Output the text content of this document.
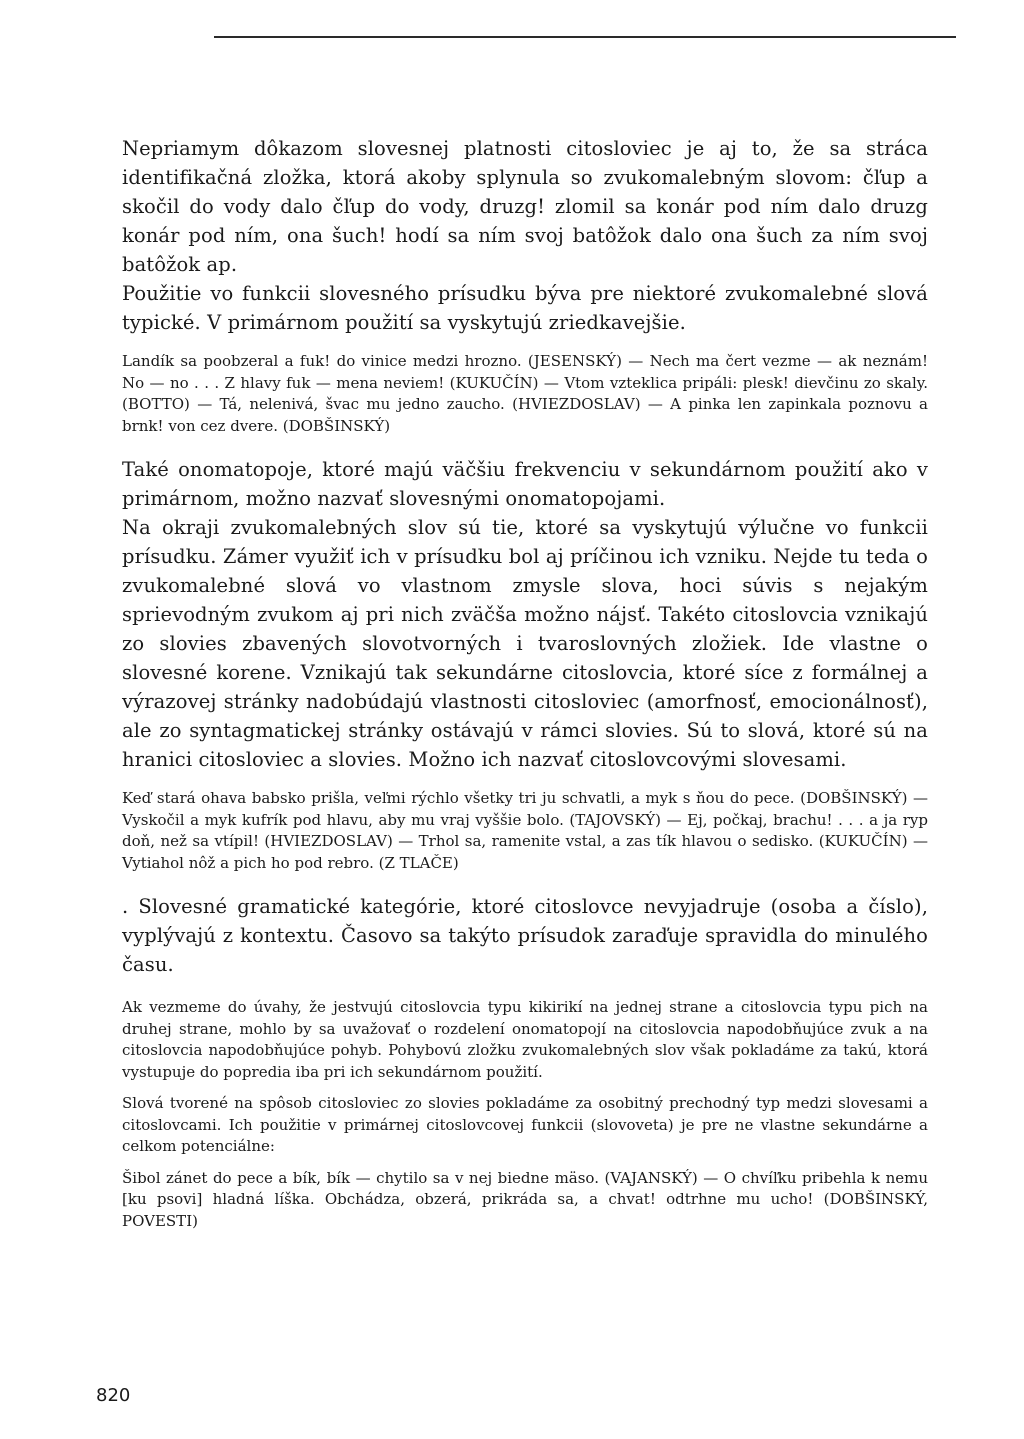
Nepriamym dôkazom slovesnej platnosti citosloviec je aj to, že sa stráca identifikačná zložka, ktorá akoby splynula so zvukomalebným slovom: čľup a skočil do vody dalo čľup do vody, druzg! zlomil sa konár pod ním dalo druzg konár pod ním, ona šuch! hodí sa ním svoj batôžok dalo ona šuch za ním svoj batôžok ap.

Použitie vo funkcii slovesného prísudku býva pre niektoré zvukomalebné slová typické. V primárnom použití sa vyskytujú zriedkavejšie.

Landík sa poobzeral a fuk! do vinice medzi hrozno. (JESENSKÝ) — Nech ma čert vezme — ak neznám! No — no . . . Z hlavy fuk — mena neviem! (KUKUČÍN) — Vtom vzteklica pripáli: plesk! dievčinu zo skaly. (BOTTO) — Tá, nelenivá, švac mu jedno zaucho. (HVIEZDOSLAV) — A pinka len zapinkala poznovu a brnk! von cez dvere. (DOBŠINSKÝ)

Také onomatopoje, ktoré majú väčšiu frekvenciu v sekundárnom použití ako v primárnom, možno nazvať slovesnými onomatopojami.

Na okraji zvukomalebných slov sú tie, ktoré sa vyskytujú výlučne vo funkcii prísudku. Zámer využiť ich v prísudku bol aj príčinou ich vzniku. Nejde tu teda o zvukomalebné slová vo vlastnom zmysle slova, hoci súvis s nejakým sprievodným zvukom aj pri nich zväčša možno nájsť. Takéto citoslovcia vznikajú zo slovies zbavených slovotvorných i tvaroslovných zložiek. Ide vlastne o slovesné korene. Vznikajú tak sekundárne citoslovcia, ktoré síce z formálnej a výrazovej stránky nadobúdajú vlastnosti citosloviec (amorfnosť, emocionálnosť), ale zo syntagmatickej stránky ostávajú v rámci slovies. Sú to slová, ktoré sú na hranici citosloviec a slovies. Možno ich nazvať citoslovcovými slovesami.

Keď stará ohava babsko prišla, veľmi rýchlo všetky tri ju schvatli, a myk s ňou do pece. (DOBŠINSKÝ) — Vyskočil a myk kufrík pod hlavu, aby mu vraj vyššie bolo. (TAJOVSKÝ) — Ej, počkaj, brachu! . . . a ja ryp doň, než sa vtípil! (HVIEZDOSLAV) — Trhol sa, ramenite vstal, a zas tík hlavou o sedisko. (KUKUČÍN) — Vytiahol nôž a pich ho pod rebro. (Z TLAČE)

. Slovesné gramatické kategórie, ktoré citoslovce nevyjadruje (osoba a číslo), vyplývajú z kontextu. Časovo sa takýto prísudok zaraďuje spravidla do minulého času.

Ak vezmeme do úvahy, že jestvujú citoslovcia typu kikirikí na jednej strane a citoslovcia typu pich na druhej strane, mohlo by sa uvažovať o rozdelení onomatopojí na citoslovcia napodobňujúce zvuk a na citoslovcia napodobňujúce pohyb. Pohybovú zložku zvukomalebných slov však pokladáme za takú, ktorá vystupuje do popredia iba pri ich sekundárnom použití.

Slová tvorené na spôsob citosloviec zo slovies pokladáme za osobitný prechodný typ medzi slovesami a citoslovcami. Ich použitie v primárnej citoslovcovej funkcii (slovoveta) je pre ne vlastne sekundárne a celkom potenciálne:

Šibol zánet do pece a bík, bík — chytilo sa v nej biedne mäso. (VAJANSKÝ) — O chvíľku pribehla k nemu [ku psovi] hladná líška. Obchádza, obzerá, prikráda sa, a chvat! odtrhne mu ucho! (DOBŠINSKÝ, POVESTI)

820
